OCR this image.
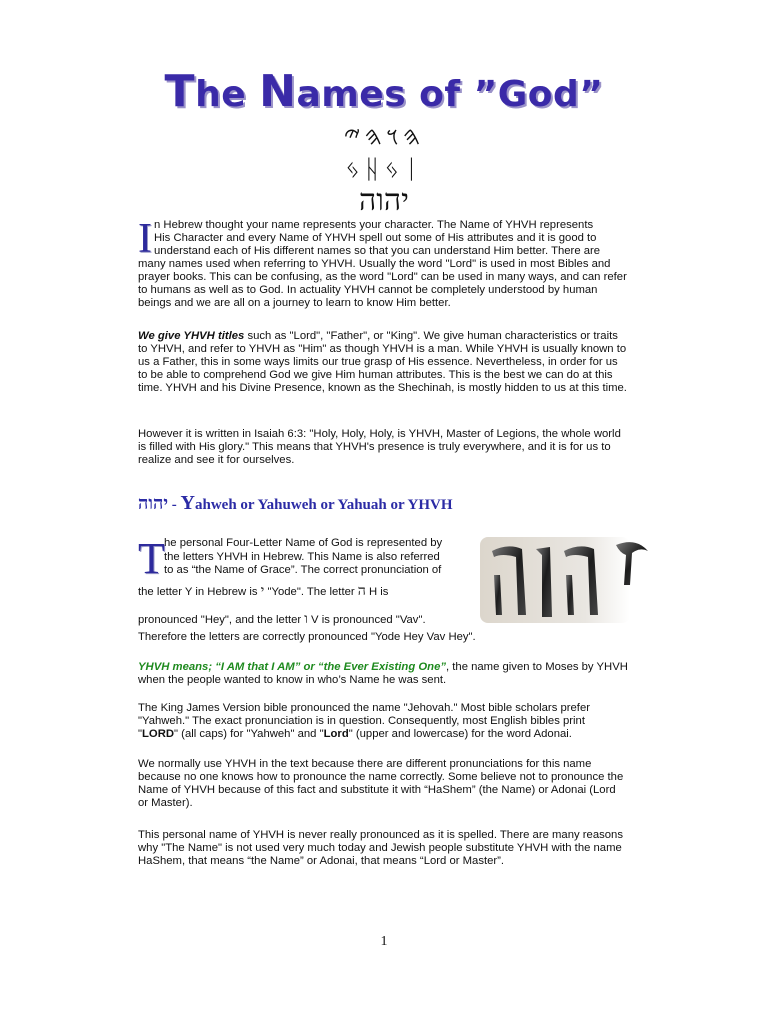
The Names of ”God”
𐤄𐤅𐤄𐤉
ᛃᚺᛃᛁ
יהוה
I n Hebrew thought your name represents your character. The Name of YHVH represents
His Character and every Name of YHVH spell out some of His attributes and it is good to
understand each of His different names so that you can understand Him better. There are
many names used when referring to YHVH. Usually the word "Lord" is used in most Bibles and prayer books. This can be confusing, as the word "Lord" can be used in many ways, and can refer to humans as well as to God. In actuality YHVH cannot be completely understood by human beings and we are all on a journey to learn to know Him better.

We give YHVH titles such as "Lord", "Father", or "King". We give human characteristics or traits to YHVH, and refer to YHVH as "Him" as though YHVH is a man. While YHVH is usually known to us a Father, this in some ways limits our true grasp of His essence. Nevertheless, in order for us to be able to comprehend God we give Him human attributes. This is the best we can do at this time. YHVH and his Divine Presence, known as the Shechinah, is mostly hidden to us at this time.

However it is written in Isaiah 6:3: "Holy, Holy, Holy, is YHVH, Master of Legions, the whole world is filled with His glory." This means that YHVH's presence is truly everywhere, and it is for us to realize and see it for ourselves.

יהוה - Yahweh or Yahuweh or Yahuah or YHVH
T he personal Four-Letter Name of God is represented by
the letters YHVH in Hebrew. This Name is also referred
to as “the Name of Grace”. The correct pronunciation of
the letter Y in Hebrew is י "Yode". The letter ה H is
pronounced "Hey", and the letter ו V is pronounced "Vav".
Therefore the letters are correctly pronounced "Yode Hey Vav Hey".

YHVH means; “I AM that I AM” or “the Ever Existing One”, the name given to Moses by YHVH when the people wanted to know in who’s Name he was sent.

The King James Version bible pronounced the name "Jehovah." Most bible scholars prefer "Yahweh." The exact pronunciation is in question. Consequently, most English bibles print "LORD" (all caps) for "Yahweh" and "Lord" (upper and lowercase) for the word Adonai.

We normally use YHVH in the text because there are different pronunciations for this name because no one knows how to pronounce the name correctly. Some believe not to pronounce the Name of YHVH because of this fact and substitute it with “HaShem” (the Name) or Adonai (Lord or Master).

This personal name of YHVH is never really pronounced as it is spelled. There are many reasons why "The Name" is not used very much today and Jewish people substitute YHVH with the name HaShem, that means “the Name” or Adonai, that means “Lord or Master”.

1
